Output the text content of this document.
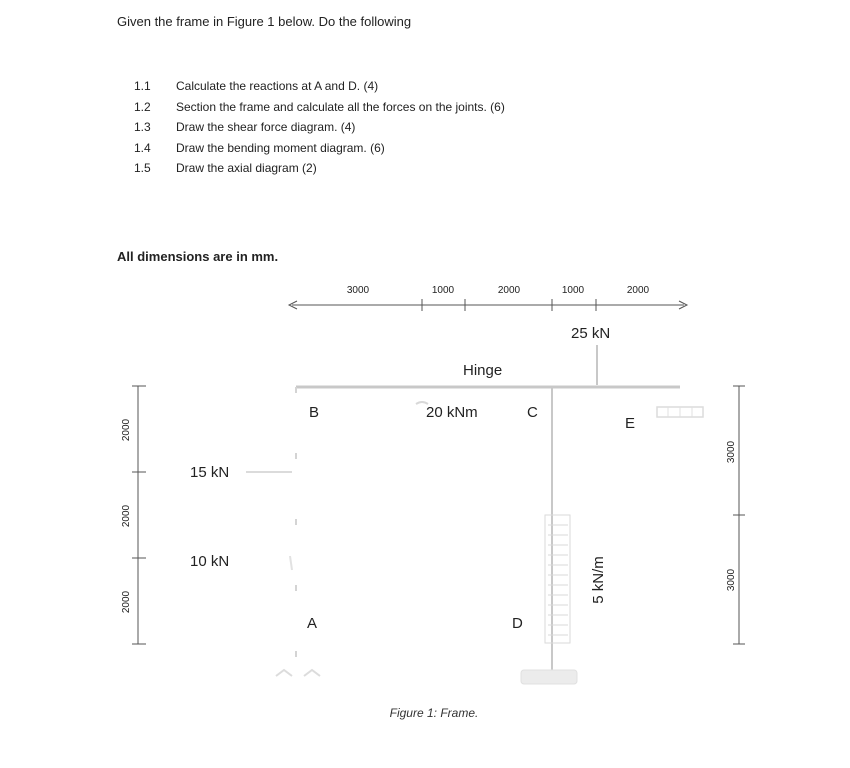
Given the frame in Figure 1 below. Do the following
1.1	Calculate the reactions at A and D. (4)
1.2	Section the frame and calculate all the forces on the joints. (6)
1.3	Draw the shear force diagram. (4)
1.4	Draw the bending moment diagram. (6)
1.5	Draw the axial diagram (2)
All dimensions are in mm.
3000	1000	2000	1000	2000
2000
2000
2000
3000
3000
25 kN
Hinge
B	20 kNm	C
E
15 kN
10 kN
A	D
5 kN/m
Figure 1: Frame.
